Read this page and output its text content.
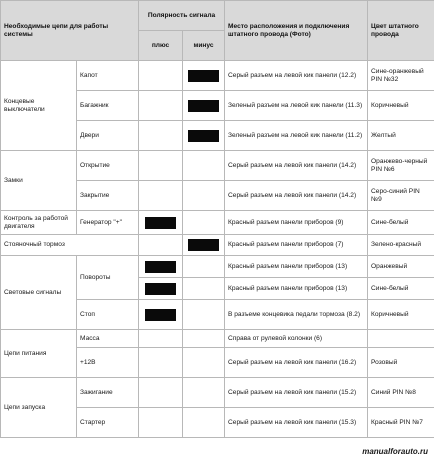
Необходимые цепи для работы системы		Полярность сигнала		Место расположения и подключения штатного провода (Фото)	Цвет штатного провода
		плюс	минус		
Концевые выключатели	Капот			Серый разъем на левой кик панели (12.2)	Сине-оранжевый PIN №32
	Багажник			Зеленый разъем на левой кик панели (11.3)	Коричневый
	Двери			Зеленый разъем на левой кик панели (11.2)	Желтый
Замки	Открытие			Серый разъем на левой кик панели (14.2)	Оранжево-черный PIN №6
	Закрытие			Серый разъем на левой кик панели (14.2)	Серо-синий PIN №9
Контроль за работой двигателя	Генератор "+"			Красный разъем панели приборов (9)	Сине-белый
Стояночный тормоз				Красный разъем панели приборов (7)	Зелено-красный
Световые сигналы	Повороты			Красный разъем панели приборов (13)	Оранжевый
				Красный разъем панели приборов (13)	Сине-белый
	Стоп			В разъеме концевика педали тормоза (8.2)	Коричневый
Цепи питания	Масса			Справа от рулевой колонки (6)	
	+12В			Серый разъем на левой кик панели (16.2)	Розовый
Цепи запуска	Зажигание			Серый разъем на левой кик панели (15.2)	Синий PIN №8
	Стартер			Серый разъем на левой кик панели (15.3)	Красный PIN №7
manualforauto.ru
